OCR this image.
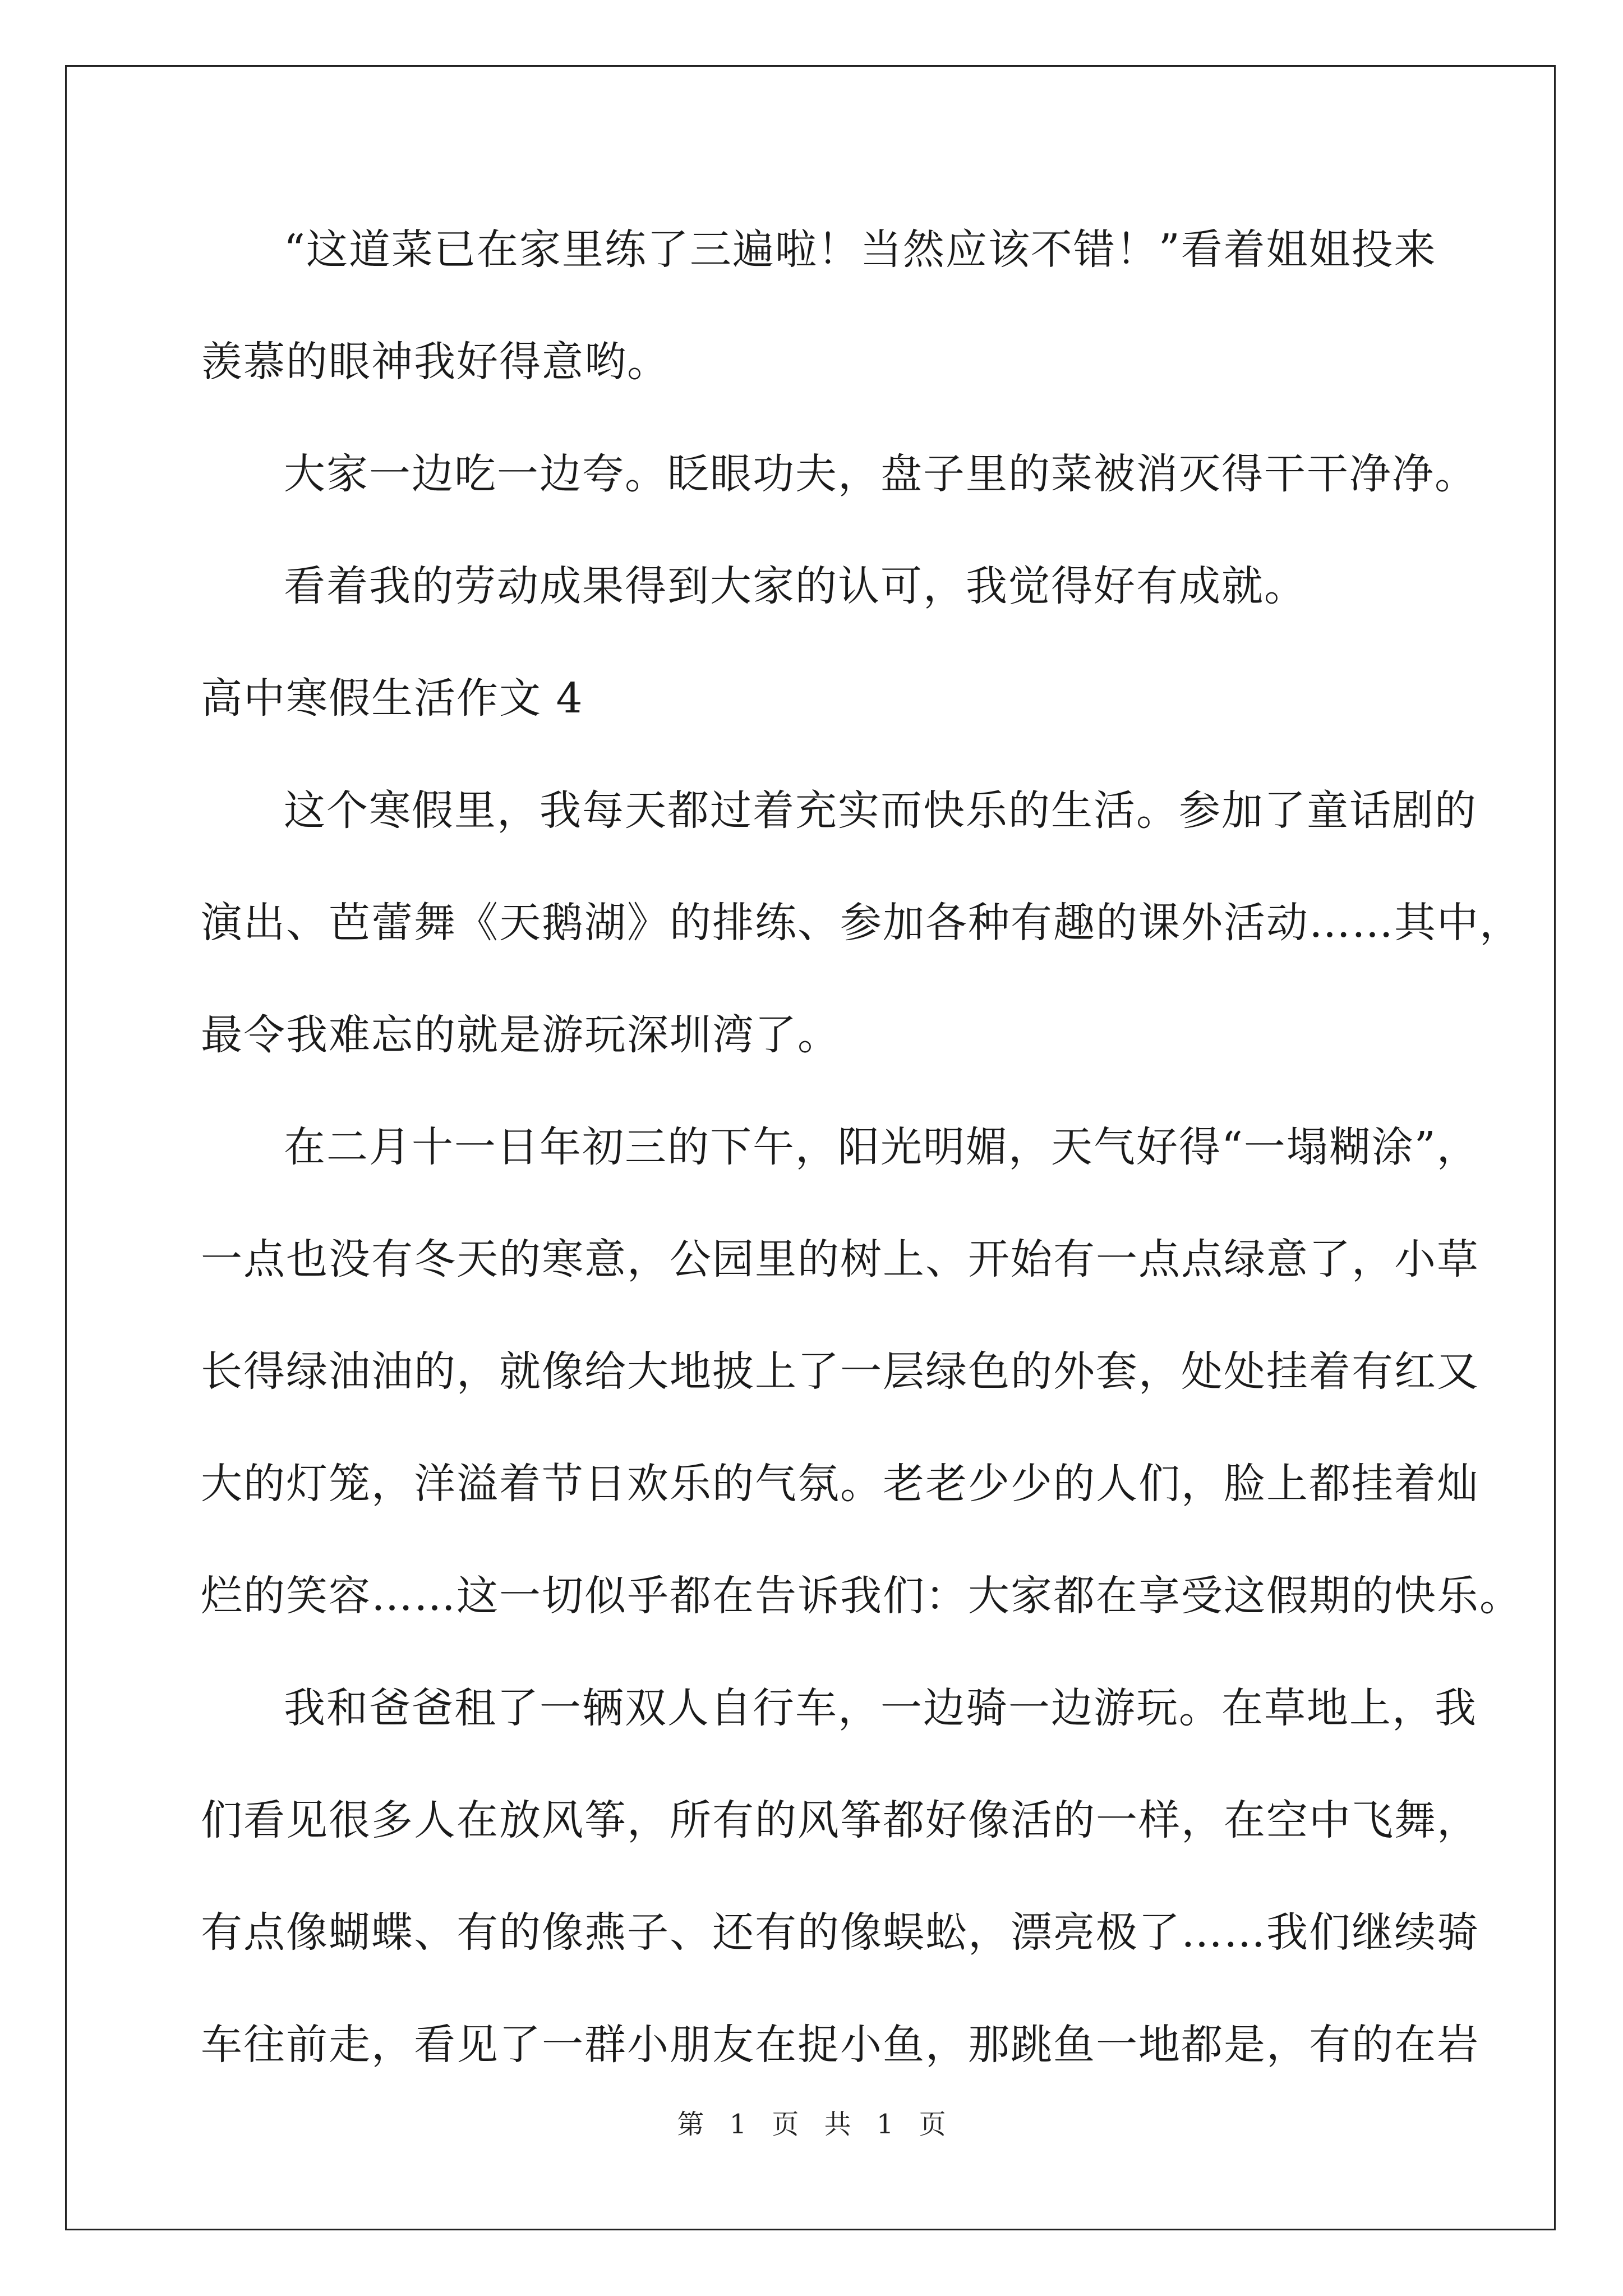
“这道菜已在家里练了三遍啦！当然应该不错！”看着姐姐投来
羡慕的眼神我好得意哟。
大家一边吃一边夸。眨眼功夫，盘子里的菜被消灭得干干净净。
看着我的劳动成果得到大家的认可，我觉得好有成就。
高中寒假生活作文 4
这个寒假里，我每天都过着充实而快乐的生活。参加了童话剧的
演出、芭蕾舞《天鹅湖》的排练、参加各种有趣的课外活动……其中，
最令我难忘的就是游玩深圳湾了。
在二月十一日年初三的下午，阳光明媚，天气好得“一塌糊涂”，
一点也没有冬天的寒意，公园里的树上、开始有一点点绿意了，小草
长得绿油油的，就像给大地披上了一层绿色的外套，处处挂着有红又
大的灯笼，洋溢着节日欢乐的气氛。老老少少的人们，脸上都挂着灿
烂的笑容……这一切似乎都在告诉我们：大家都在享受这假期的快乐。
我和爸爸租了一辆双人自行车，一边骑一边游玩。在草地上，我
们看见很多人在放风筝，所有的风筝都好像活的一样，在空中飞舞，
有点像蝴蝶、有的像燕子、还有的像蜈蚣，漂亮极了……我们继续骑
车往前走，看见了一群小朋友在捉小鱼，那跳鱼一地都是，有的在岩
第 1 页 共 1 页
